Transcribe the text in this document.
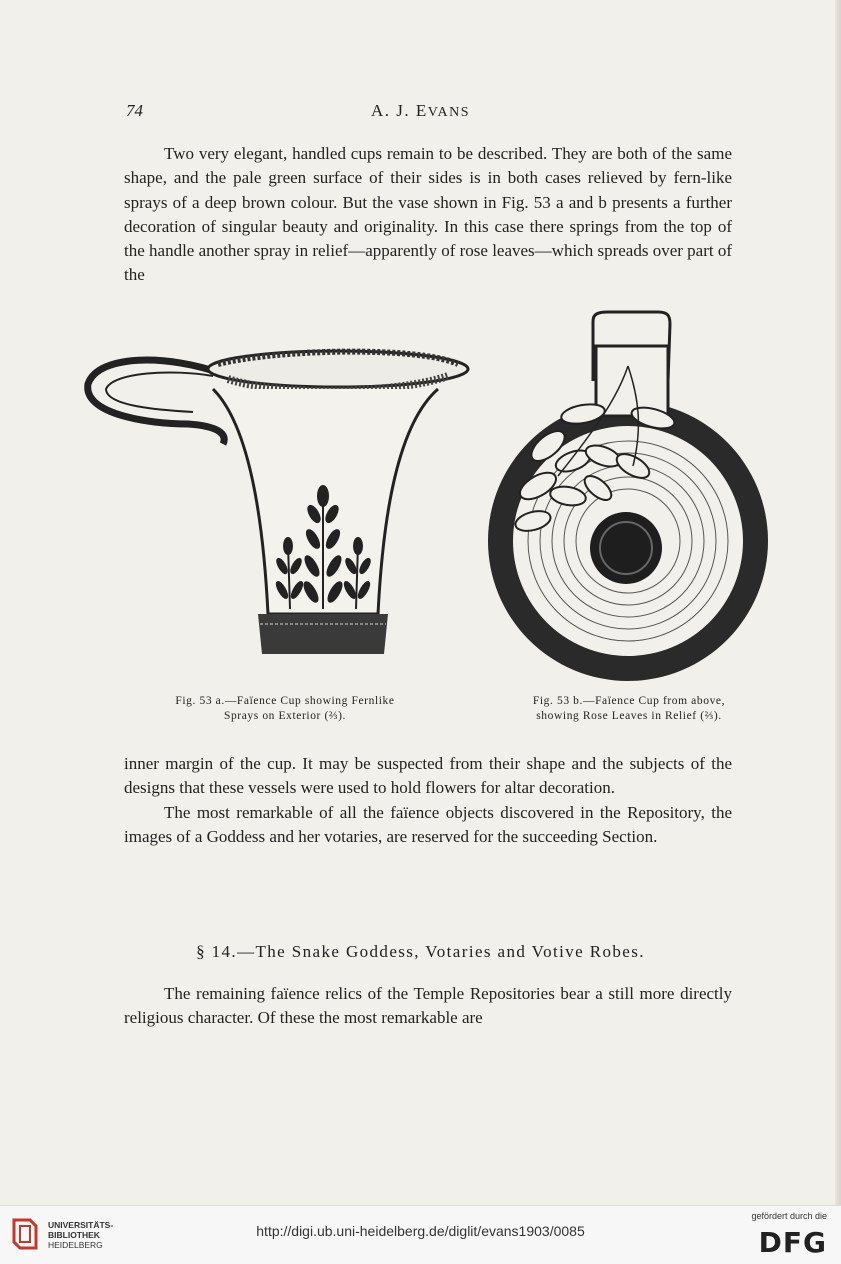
74	A. J. EVANS

Two very elegant, handled cups remain to be described. They are both of the same shape, and the pale green surface of their sides is in both cases relieved by fern-like sprays of a deep brown colour. But the vase shown in Fig. 53 a and b presents a further decoration of singular beauty and originality. In this case there springs from the top of the handle another spray in relief—apparently of rose leaves—which spreads over part of the

Fig. 53 a.—Faïence Cup showing Fernlike
Sprays on Exterior (⅔).
Fig. 53 b.—Faïence Cup from above,
showing Rose Leaves in Relief (⅔).

inner margin of the cup. It may be suspected from their shape and the subjects of the designs that these vessels were used to hold flowers for altar decoration.

The most remarkable of all the faïence objects discovered in the Repository, the images of a Goddess and her votaries, are reserved for the succeeding Section.

§ 14.—The Snake Goddess, Votaries and Votive Robes.

The remaining faïence relics of the Temple Repositories bear a still more directly religious character. Of these the most remarkable are

UNIVERSITÄTS-
BIBLIOTHEK
HEIDELBERG
http://digi.ub.uni-heidelberg.de/diglit/evans1903/0085
gefördert durch die
DFG
